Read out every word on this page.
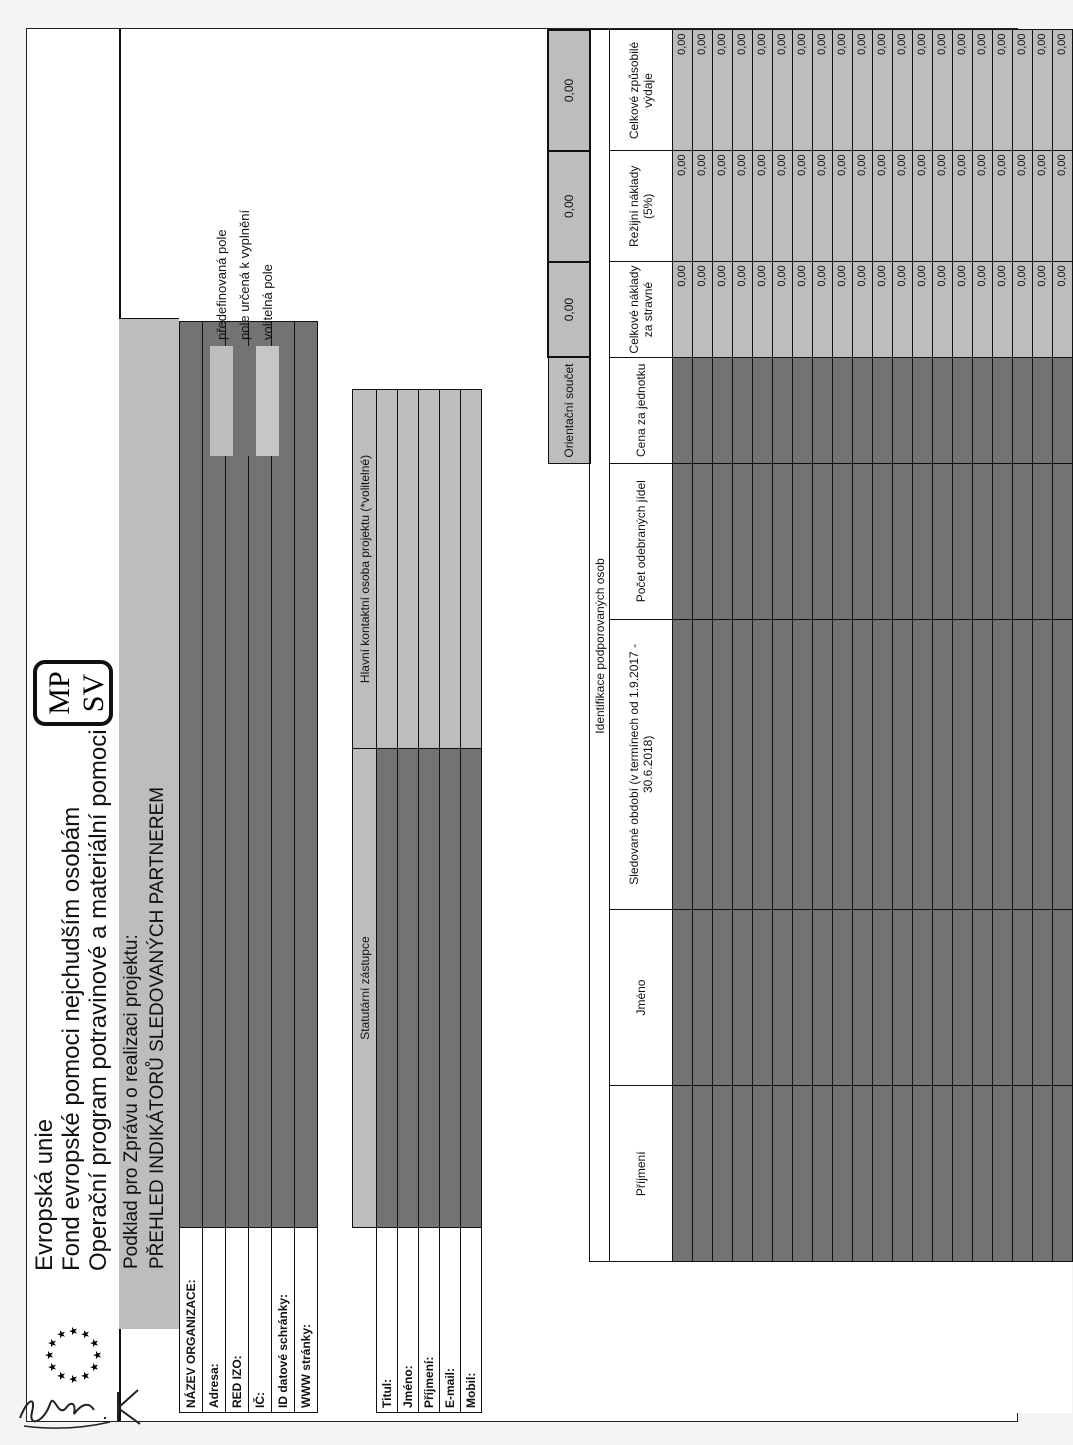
★
★
★ ★ ★
★
★
★
★
★
★
★
Evropská unie Fond evropské pomoci nejchudším osobám Operační program potravinové a materiální pomoci
MP SV
Podklad pro Zprávu o realizaci projektu: PŘEHLED INDIKÁTORŮ SLEDOVANÝCH PARTNEREM
NÁZEV ORGANIZACE:	
Adresa:	
RED IZO:	
IČ:	
ID datové schránky:	
WWW stránky:	
předefinovaná pole pole určená k vyplnění volitelná pole
	Statutární zástupce	Hlavní kontaktní osoba projektu (*volitelné)	
Titul:			
Jméno:			
Příjmení:			
E-mail:			
Mobil:			
					Orientační součet	0,00	0,00	0,00
	Identifikace podporovaných osob							
	Příjmení	Jméno	Sledované období (v termínech od 1.9.2017 - 30.6.2018)	Počet odebraných jídel	Cena za jednotku	Celkové náklady za stravné	Režijní náklady (5%)	Celkové způsobilé výdaje
						0,00	0,00	0,00
						0,00	0,00	0,00
						0,00	0,00	0,00
						0,00	0,00	0,00
						0,00	0,00	0,00
						0,00	0,00	0,00
						0,00	0,00	0,00
						0,00	0,00	0,00
						0,00	0,00	0,00
						0,00	0,00	0,00
						0,00	0,00	0,00
						0,00	0,00	0,00
						0,00	0,00	0,00
						0,00	0,00	0,00
						0,00	0,00	0,00
						0,00	0,00	0,00
						0,00	0,00	0,00
						0,00	0,00	0,00
						0,00	0,00	0,00
						0,00	0,00	0,00
